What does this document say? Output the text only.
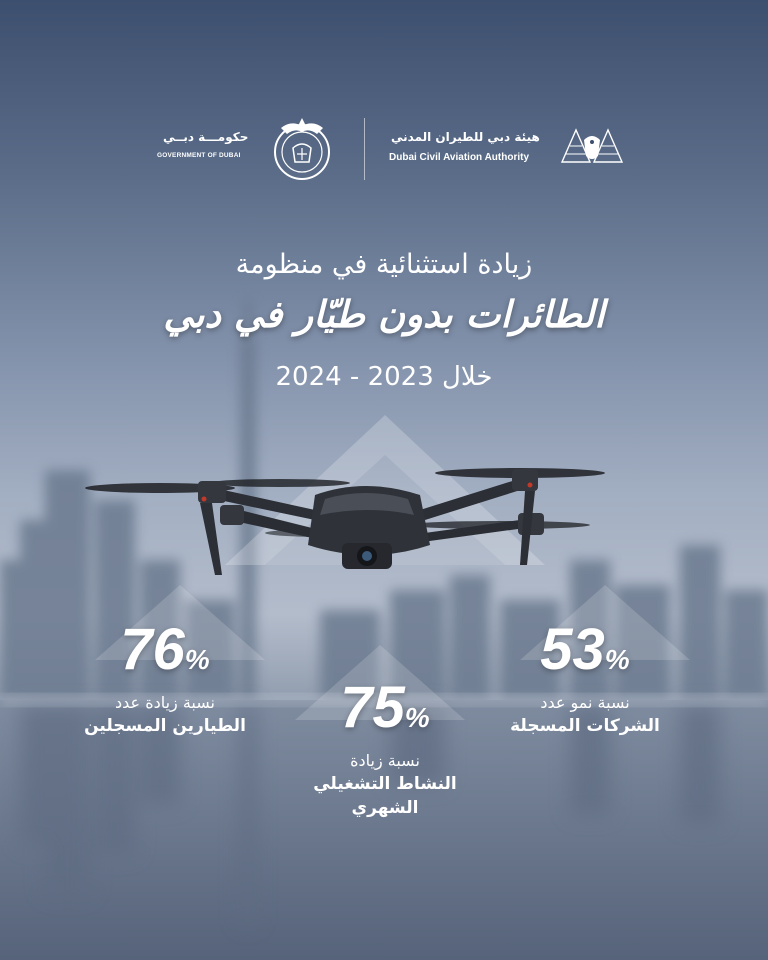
حكومـــة دبــي
GOVERNMENT OF DUBAI
هيئة دبي للطيران المدني
Dubai Civil Aviation Authority
زيادة استثنائية في منظومة
الطائرات بدون طيّار في دبي
خلال 2023 - 2024
76%
نسبة زيادة عدد
الطيارين المسجلين	75%
نسبة زيادة
النشاط التشغيلي الشهري
53%
نسبة نمو عدد
الشركات المسجلة
